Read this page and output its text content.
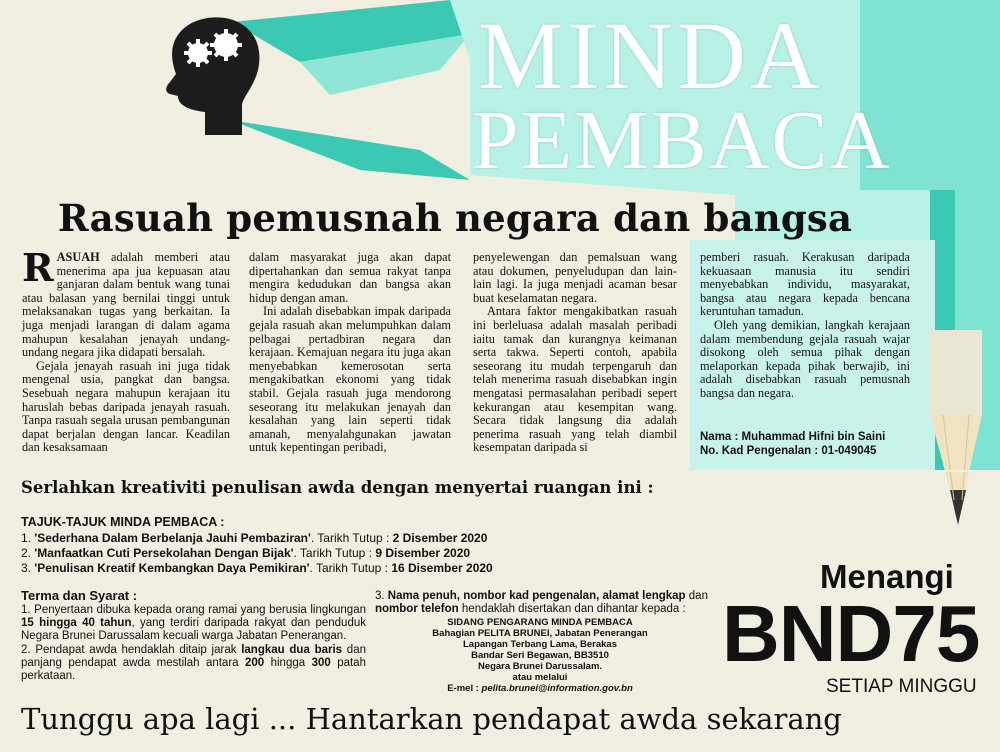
MINDA
PEMBACA
Rasuah pemusnah negara dan bangsa

RASUAH adalah memberi atau menerima apa jua kepuasan atau ganjaran dalam bentuk wang tunai atau balasan yang bernilai tinggi untuk melaksanakan tugas yang berkaitan. Ia juga menjadi larangan di dalam agama mahupun kesalahan jenayah undang-undang negara jika didapati bersalah.

Gejala jenayah rasuah ini juga tidak mengenal usia, pangkat dan bangsa. Sesebuah negara mahupun kerajaan itu haruslah bebas daripada jenayah rasuah. Tanpa rasuah segala urusan pembangunan dapat berjalan dengan lancar. Keadilan dan kesaksamaan

dalam masyarakat juga akan dapat dipertahankan dan semua rakyat tanpa mengira kedudukan dan bangsa akan hidup dengan aman.

Ini adalah disebabkan impak daripada gejala rasuah akan melumpuhkan dalam pelbagai pertadbiran negara dan kerajaan. Kemajuan negara itu juga akan menyebabkan kemerosotan serta mengakibatkan ekonomi yang tidak stabil. Gejala rasuah juga mendorong seseorang itu melakukan jenayah dan kesalahan yang lain seperti tidak amanah, menyalahgunakan jawatan untuk kepentingan peribadi,

penyelewengan dan pemalsuan wang atau dokumen, penyeludupan dan lain-lain lagi. Ia juga menjadi acaman besar buat keselamatan negara.

Antara faktor mengakibatkan rasuah ini berleluasa adalah masalah peribadi iaitu tamak dan kurangnya keimanan serta takwa. Seperti contoh, apabila seseorang itu mudah terpengaruh dan telah menerima rasuah disebabkan ingin mengatasi permasalahan peribadi sepert kekurangan atau kesempitan wang. Secara tidak langsung dia adalah penerima rasuah yang telah diambil kesempatan daripada si

pemberi rasuah. Kerakusan daripada kekuasaan manusia itu sendiri menyebabkan individu, masyarakat, bangsa atau negara kepada bencana keruntuhan tamadun.

Oleh yang demikian, langkah kerajaan dalam membendung gejala rasuah wajar disokong oleh semua pihak dengan melaporkan kepada pihak berwajib, ini adalah disebabkan rasuah pemusnah bangsa dan negara.

Nama : Muhammad Hifni bin Saini
No. Kad Pengenalan : 01-049045
Serlahkan kreativiti penulisan awda dengan menyertai ruangan ini :
TAJUK-TAJUK MINDA PEMBACA :
1. 'Sederhana Dalam Berbelanja Jauhi Pembaziran'. Tarikh Tutup : 2 Disember 2020
2. 'Manfaatkan Cuti Persekolahan Dengan Bijak'. Tarikh Tutup : 9 Disember 2020
3. 'Penulisan Kreatif Kembangkan Daya Pemikiran'. Tarikh Tutup : 16 Disember 2020
Terma dan Syarat :

1. Penyertaan dibuka kepada orang ramai yang berusia lingkungan 15 hingga 40 tahun, yang terdiri daripada rakyat dan penduduk Negara Brunei Darussalam kecuali warga Jabatan Penerangan.

2. Pendapat awda hendaklah ditaip jarak langkau dua baris dan panjang pendapat awda mestilah antara 200 hingga 300 patah perkataan.

3. Nama penuh, nombor kad pengenalan, alamat lengkap dan nombor telefon hendaklah disertakan dan dihantar kepada :
SIDANG PENGARANG MINDA PEMBACA
Bahagian PELITA BRUNEI, Jabatan Penerangan
Lapangan Terbang Lama, Berakas
Bandar Seri Begawan, BB3510
Negara Brunei Darussalam.
atau melalui
E-mel : pelita.brunei@information.gov.bn
Menangi
BND75
SETIAP MINGGU
Tunggu apa lagi ... Hantarkan pendapat awda sekarang
